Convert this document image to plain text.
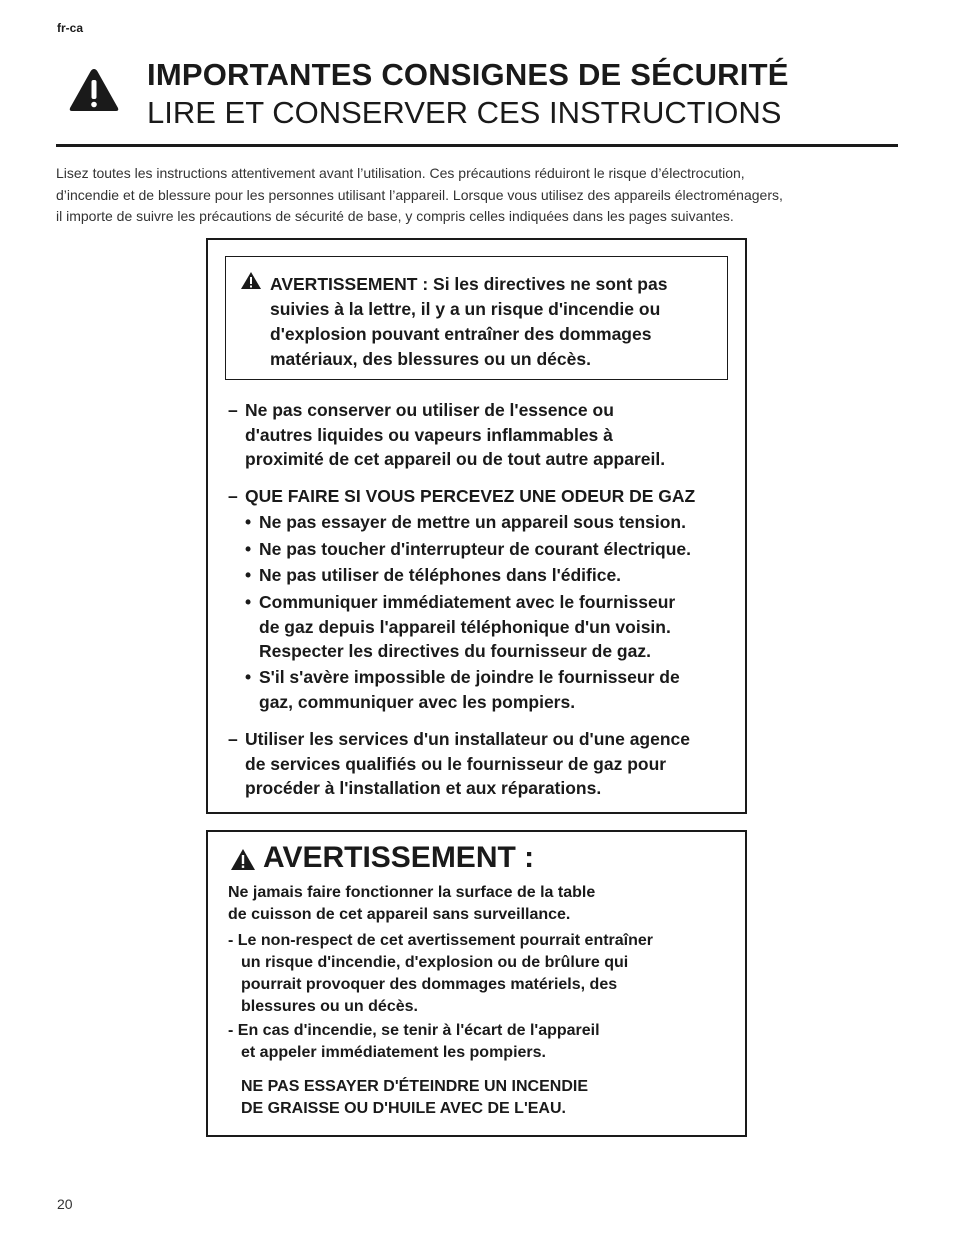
fr-ca
IMPORTANTES CONSIGNES DE SÉCURITÉ
LIRE ET CONSERVER CES INSTRUCTIONS
Lisez toutes les instructions attentivement avant l’utilisation. Ces précautions réduiront le risque d’électrocution,
d’incendie et de blessure pour les personnes utilisant l’appareil. Lorsque vous utilisez des appareils électroménagers,
il importe de suivre les précautions de sécurité de base, y compris celles indiquées dans les pages suivantes.
AVERTISSEMENT : Si les directives ne sont pas
suivies à la lettre, il y a un risque d'incendie ou
d'explosion pouvant entraîner des dommages
matériaux, des blessures ou un décès.
– Ne pas conserver ou utiliser de l'essence ou
d'autres liquides ou vapeurs inflammables à
proximité de cet appareil ou de tout autre appareil.
– QUE FAIRE SI VOUS PERCEVEZ UNE ODEUR DE GAZ
• Ne pas essayer de mettre un appareil sous tension.
• Ne pas toucher d'interrupteur de courant électrique.
• Ne pas utiliser de téléphones dans l'édifice.
• Communiquer immédiatement avec le fournisseur
de gaz depuis l'appareil téléphonique d'un voisin.
Respecter les directives du fournisseur de gaz.
• S'il s'avère impossible de joindre le fournisseur de
gaz, communiquer avec les pompiers.
– Utiliser les services d'un installateur ou d'une agence
de services qualifiés ou le fournisseur de gaz pour
procéder à l'installation et aux réparations.
AVERTISSEMENT :
Ne jamais faire fonctionner la surface de la table
de cuisson de cet appareil sans surveillance.
- Le non-respect de cet avertissement pourrait entraîner
un risque d'incendie, d'explosion ou de brûlure qui
pourrait provoquer des dommages matériels, des
blessures ou un décès.
- En cas d'incendie, se tenir à l'écart de l'appareil
et appeler immédiatement les pompiers.
NE PAS ESSAYER D'ÉTEINDRE UN INCENDIE
DE GRAISSE OU D'HUILE AVEC DE L'EAU.
20
